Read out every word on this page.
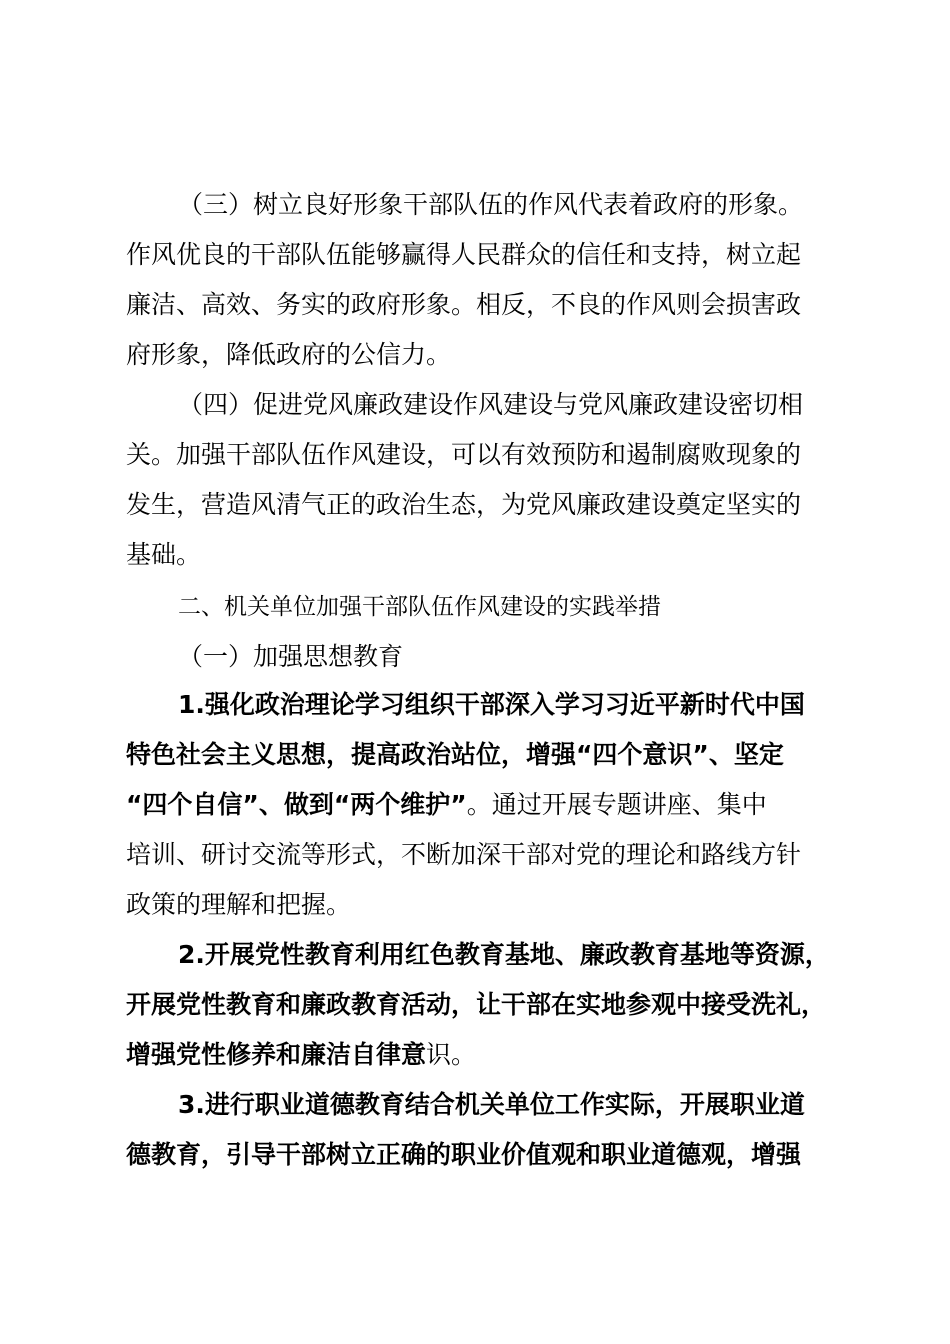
（三）树立良好形象干部队伍的作风代表着政府的形象。
作风优良的干部队伍能够赢得人民群众的信任和支持，树立起
廉洁、高效、务实的政府形象。相反，不良的作风则会损害政
府形象，降低政府的公信力。
（四）促进党风廉政建设作风建设与党风廉政建设密切相
关。加强干部队伍作风建设，可以有效预防和遏制腐败现象的
发生，营造风清气正的政治生态，为党风廉政建设奠定坚实的
基础。
二、机关单位加强干部队伍作风建设的实践举措
（一）加强思想教育
1.强化政治理论学习组织干部深入学习习近平新时代中国
特色社会主义思想，提高政治站位，增强“四个意识”、坚定
“四个自信”、做到“两个维护”。通过开展专题讲座、集中
培训、研讨交流等形式，不断加深干部对党的理论和路线方针
政策的理解和把握。
2.开展党性教育利用红色教育基地、廉政教育基地等资源，
开展党性教育和廉政教育活动，让干部在实地参观中接受洗礼，
增强党性修养和廉洁自律意识。
3.进行职业道德教育结合机关单位工作实际，开展职业道
德教育，引导干部树立正确的职业价值观和职业道德观，增强
